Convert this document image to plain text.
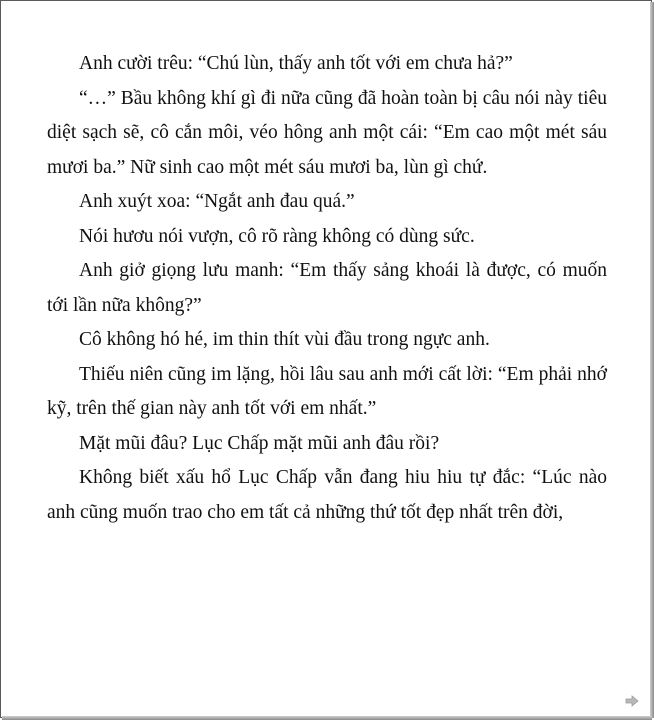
Anh cười trêu: “Chú lùn, thấy anh tốt với em chưa hả?”

“…” Bầu không khí gì đi nữa cũng đã hoàn toàn bị câu nói này tiêu diệt sạch sẽ, cô cắn môi, véo hông anh một cái: “Em cao một mét sáu mươi ba.” Nữ sinh cao một mét sáu mươi ba, lùn gì chứ.

Anh xuýt xoa: “Ngắt anh đau quá.”

Nói hươu nói vượn, cô rõ ràng không có dùng sức.

Anh giở giọng lưu manh: “Em thấy sảng khoái là được, có muốn tới lần nữa không?”

Cô không hó hé, im thin thít vùi đầu trong ngực anh.

Thiếu niên cũng im lặng, hồi lâu sau anh mới cất lời: “Em phải nhớ kỹ, trên thế gian này anh tốt với em nhất.”

Mặt mũi đâu? Lục Chấp mặt mũi anh đâu rồi?

Không biết xấu hổ Lục Chấp vẫn đang hiu hiu tự đắc: “Lúc nào anh cũng muốn trao cho em tất cả những thứ tốt đẹp nhất trên đời,
